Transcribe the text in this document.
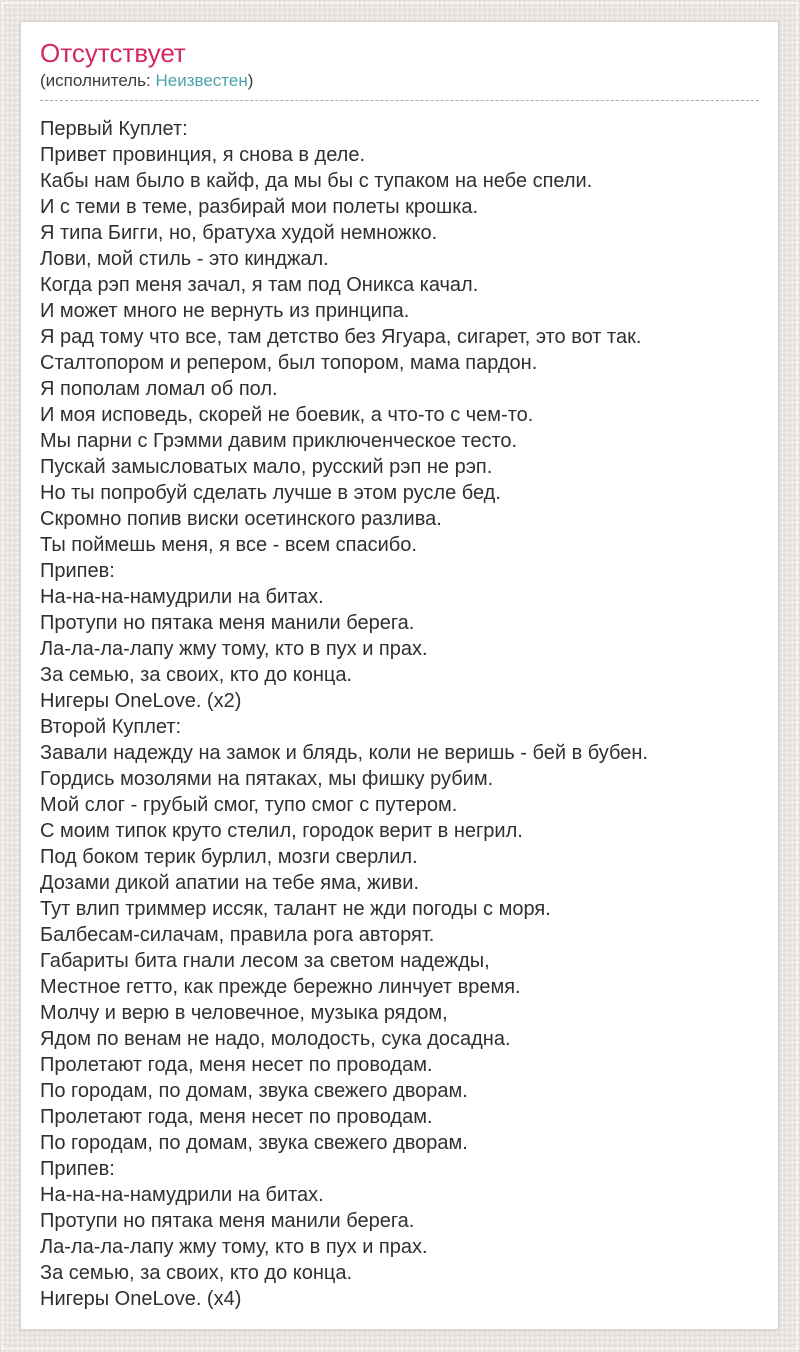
Отсутствует
(исполнитель: Неизвестен)
Первый Куплет:
Привет провинция, я снова в деле.
Кабы нам было в кайф, да мы бы с тупаком на небе спели.
И с теми в теме, разбирай мои полеты крошка.
Я типа Бигги, но, братуха худой немножко.
Лови, мой стиль - это кинджал.
Когда рэп меня зачал, я там под Оникса качал.
И может много не вернуть из принципа.
Я рад тому что все, там детство без Ягуара, сигарет, это вот так.
Сталтопором и репером, был топором, мама пардон.
Я пополам ломал об пол.
И моя исповедь, скорей не боевик, а что-то с чем-то.
Мы парни с Грэмми давим приключенческое тесто.
Пускай замысловатых мало, русский рэп не рэп.
Но ты попробуй сделать лучше в этом русле бед.
Скромно попив виски осетинского разлива.
Ты поймешь меня, я все - всем спасибо.
Припев:
На-на-на-намудрили на битах.
Протупи но пятака меня манили берега.
Ла-ла-ла-лапу жму тому, кто в пух и прах.
За семью, за своих, кто до конца.
Нигеры OneLove. (x2)
Второй Куплет:
Завали надежду на замок и блядь, коли не веришь - бей в бубен.
Гордись мозолями на пятаках, мы фишку рубим.
Мой слог - грубый смог, тупо смог с путером.
С моим типок круто стелил, городок верит в негрил.
Под боком терик бурлил, мозги сверлил.
Дозами дикой апатии на тебе яма, живи.
Тут влип триммер иссяк, талант не жди погоды с моря.
Балбесам-силачам, правила рога авторят.
Габариты бита гнали лесом за светом надежды,
Местное гетто, как прежде бережно линчует время.
Молчу и верю в человечное, музыка рядом,
Ядом по венам не надо, молодость, сука досадна.
Пролетают года, меня несет по проводам.
По городам, по домам, звука свежего дворам.
Пролетают года, меня несет по проводам.
По городам, по домам, звука свежего дворам.
Припев:
На-на-на-намудрили на битах.
Протупи но пятака меня манили берега.
Ла-ла-ла-лапу жму тому, кто в пух и прах.
За семью, за своих, кто до конца.
Нигеры OneLove. (x4)
